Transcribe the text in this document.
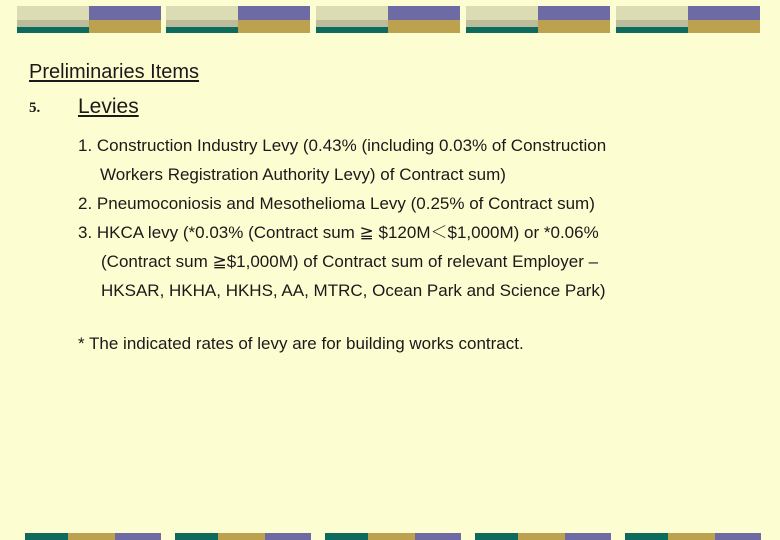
Preliminaries Items
5. Levies
1. Construction Industry Levy (0.43% (including 0.03% of Construction
Workers Registration Authority Levy) of Contract sum)
2. Pneumoconiosis and Mesothelioma Levy (0.25% of Contract sum)
3. HKCA levy (*0.03% (Contract sum ≧ $120M＜$1,000M) or *0.06%
(Contract sum ≧$1,000M) of Contract sum of relevant Employer –
HKSAR, HKHA, HKHS, AA, MTRC, Ocean Park and Science Park)
* The indicated rates of levy are for building works contract.
